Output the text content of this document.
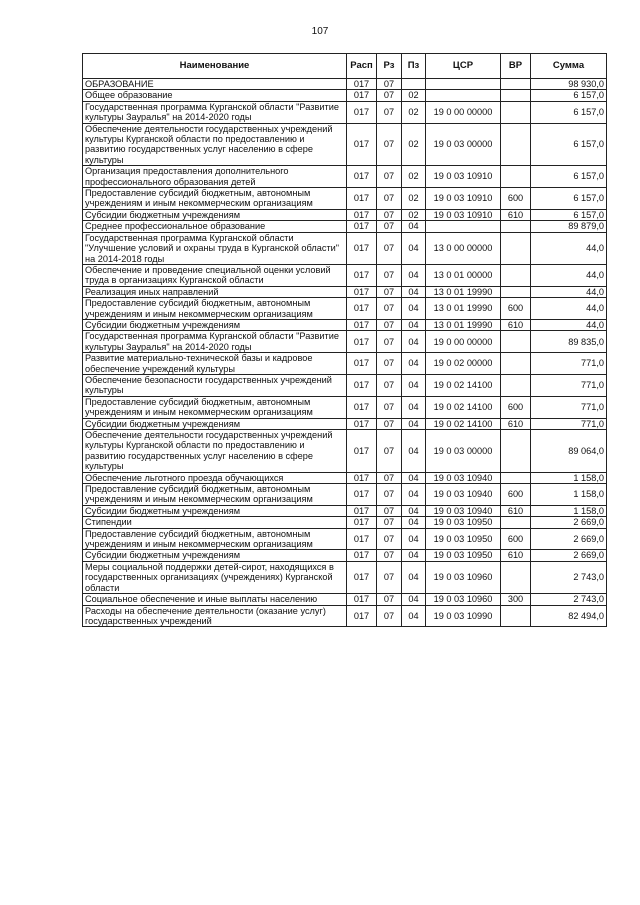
107
Наименование	Расп	Рз	Пз	ЦСР	ВР	Сумма
ОБРАЗОВАНИЕ	017	07				98 930,0
Общее образование	017	07	02			6 157,0
Государственная программа Курганской области "Развитие культуры Зауралья" на 2014-2020 годы	017	07	02	19 0 00 00000		6 157,0
Обеспечение деятельности государственных учреждений культуры Курганской области по предоставлению и развитию государственных услуг населению в сфере культуры	017	07	02	19 0 03 00000		6 157,0
Организация предоставления дополнительного профессионального образования детей	017	07	02	19 0 03 10910		6 157,0
Предоставление субсидий бюджетным, автономным учреждениям и иным некоммерческим организациям	017	07	02	19 0 03 10910	600	6 157,0
Субсидии бюджетным учреждениям	017	07	02	19 0 03 10910	610	6 157,0
Среднее профессиональное образование	017	07	04			89 879,0
Государственная программа Курганской области "Улучшение условий и охраны труда в Курганской области" на 2014-2018 годы	017	07	04	13 0 00 00000		44,0
Обеспечение и проведение специальной оценки условий труда в организациях Курганской области	017	07	04	13 0 01 00000		44,0
Реализация иных направлений	017	07	04	13 0 01 19990		44,0
Предоставление субсидий бюджетным, автономным учреждениям и иным некоммерческим организациям	017	07	04	13 0 01 19990	600	44,0
Субсидии бюджетным учреждениям	017	07	04	13 0 01 19990	610	44,0
Государственная программа Курганской области "Развитие культуры Зауралья" на 2014-2020 годы	017	07	04	19 0 00 00000		89 835,0
Развитие материально-технической базы и кадровое обеспечение учреждений культуры	017	07	04	19 0 02 00000		771,0
Обеспечение безопасности государственных учреждений культуры	017	07	04	19 0 02 14100		771,0
Предоставление субсидий бюджетным, автономным учреждениям и иным некоммерческим организациям	017	07	04	19 0 02 14100	600	771,0
Субсидии бюджетным учреждениям	017	07	04	19 0 02 14100	610	771,0
Обеспечение деятельности государственных учреждений культуры Курганской области по предоставлению и развитию государственных услуг населению в сфере культуры	017	07	04	19 0 03 00000		89 064,0
Обеспечение льготного проезда обучающихся	017	07	04	19 0 03 10940		1 158,0
Предоставление субсидий бюджетным, автономным учреждениям и иным некоммерческим организациям	017	07	04	19 0 03 10940	600	1 158,0
Субсидии бюджетным учреждениям	017	07	04	19 0 03 10940	610	1 158,0
Стипендии	017	07	04	19 0 03 10950		2 669,0
Предоставление субсидий бюджетным, автономным учреждениям и иным некоммерческим организациям	017	07	04	19 0 03 10950	600	2 669,0
Субсидии бюджетным учреждениям	017	07	04	19 0 03 10950	610	2 669,0
Меры социальной поддержки детей-сирот, находящихся в государственных организациях (учреждениях) Курганской области	017	07	04	19 0 03 10960		2 743,0
Социальное обеспечение и иные выплаты населению	017	07	04	19 0 03 10960	300	2 743,0
Расходы на обеспечение деятельности (оказание услуг) государственных учреждений	017	07	04	19 0 03 10990		82 494,0
